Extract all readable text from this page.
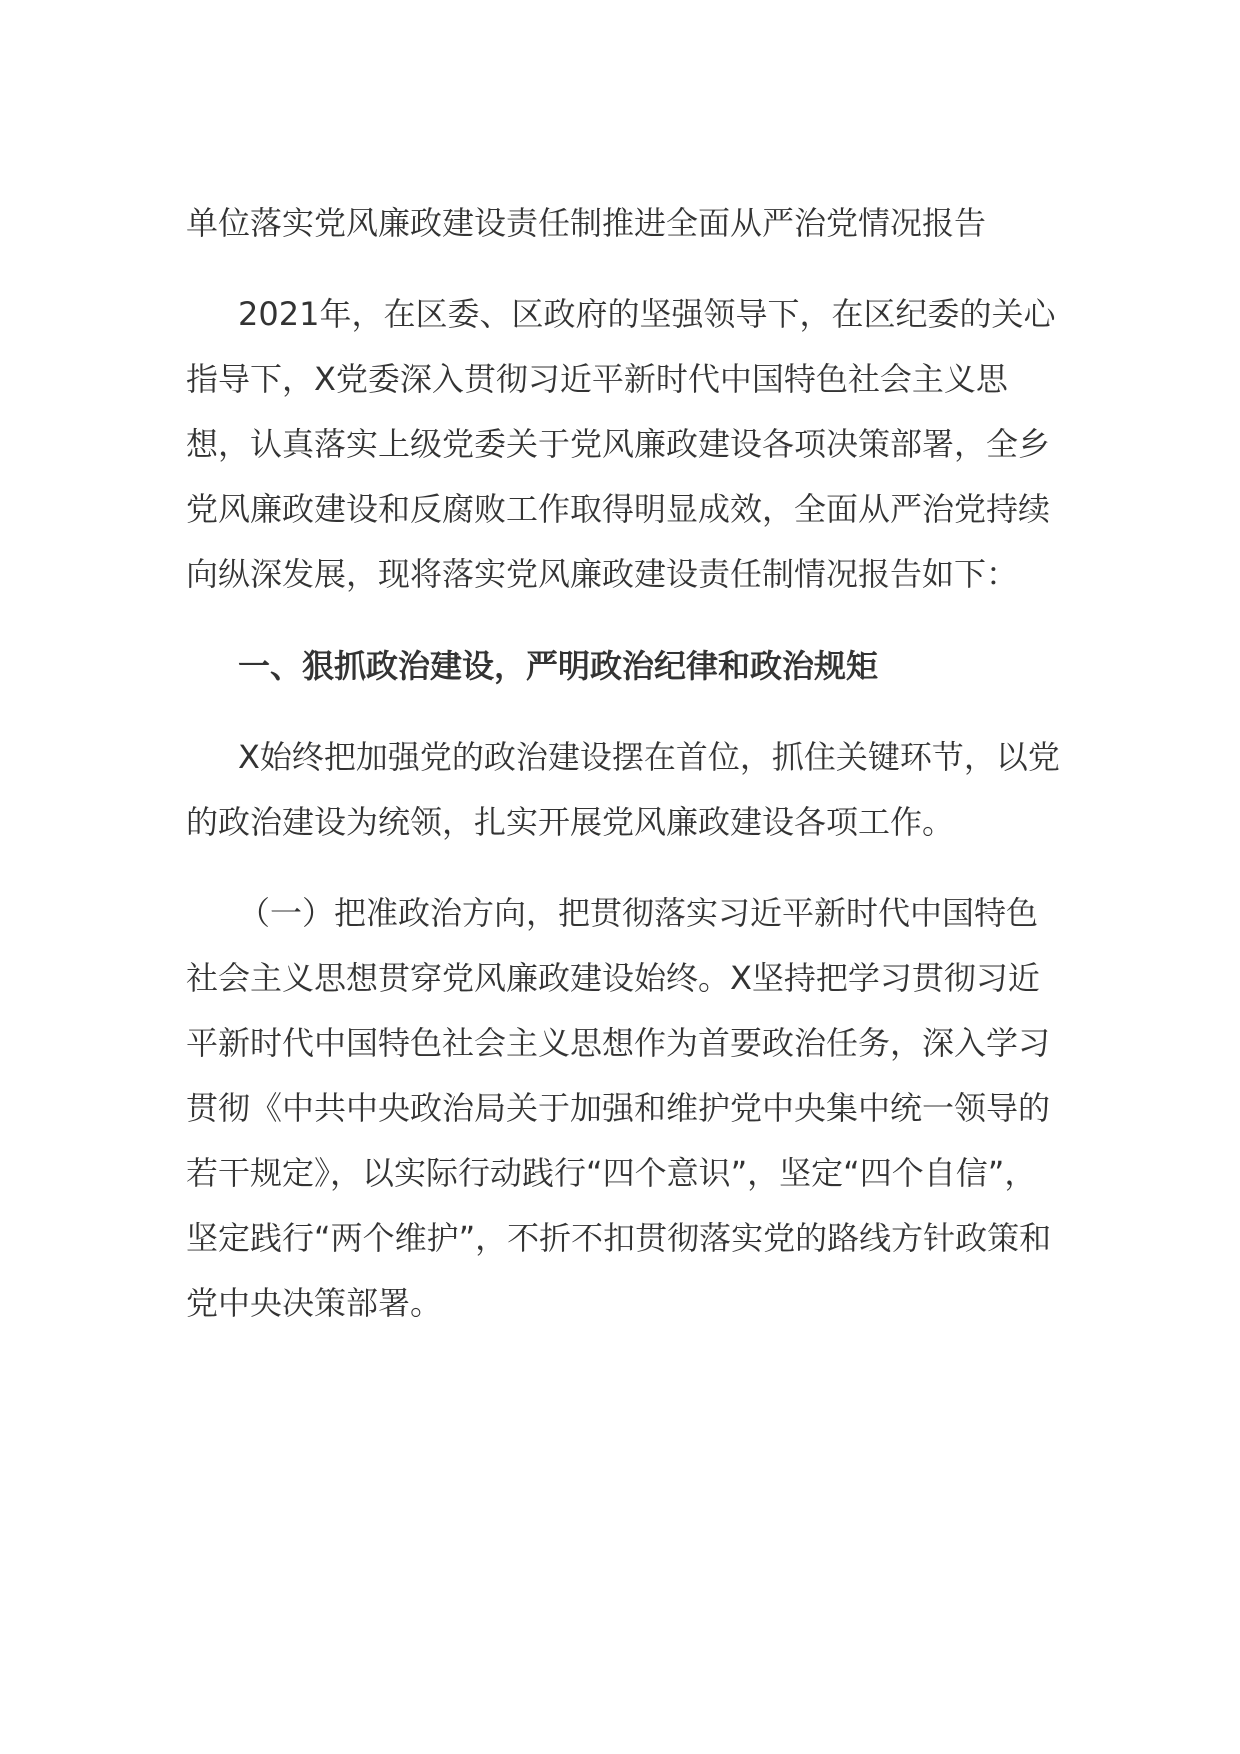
单位落实党风廉政建设责任制推进全面从严治党情况报告

2021年，在区委、区政府的坚强领导下，在区纪委的关心指导下，X党委深入贯彻习近平新时代中国特色社会主义思想，认真落实上级党委关于党风廉政建设各项决策部署，全乡党风廉政建设和反腐败工作取得明显成效，全面从严治党持续向纵深发展，现将落实党风廉政建设责任制情况报告如下：

一、狠抓政治建设，严明政治纪律和政治规矩

X始终把加强党的政治建设摆在首位，抓住关键环节，以党的政治建设为统领，扎实开展党风廉政建设各项工作。

（一）把准政治方向，把贯彻落实习近平新时代中国特色社会主义思想贯穿党风廉政建设始终。X坚持把学习贯彻习近平新时代中国特色社会主义思想作为首要政治任务，深入学习贯彻《中共中央政治局关于加强和维护党中央集中统一领导的若干规定》，以实际行动践行“四个意识”，坚定“四个自信”，坚定践行“两个维护”，不折不扣贯彻落实党的路线方针政策和党中央决策部署。
